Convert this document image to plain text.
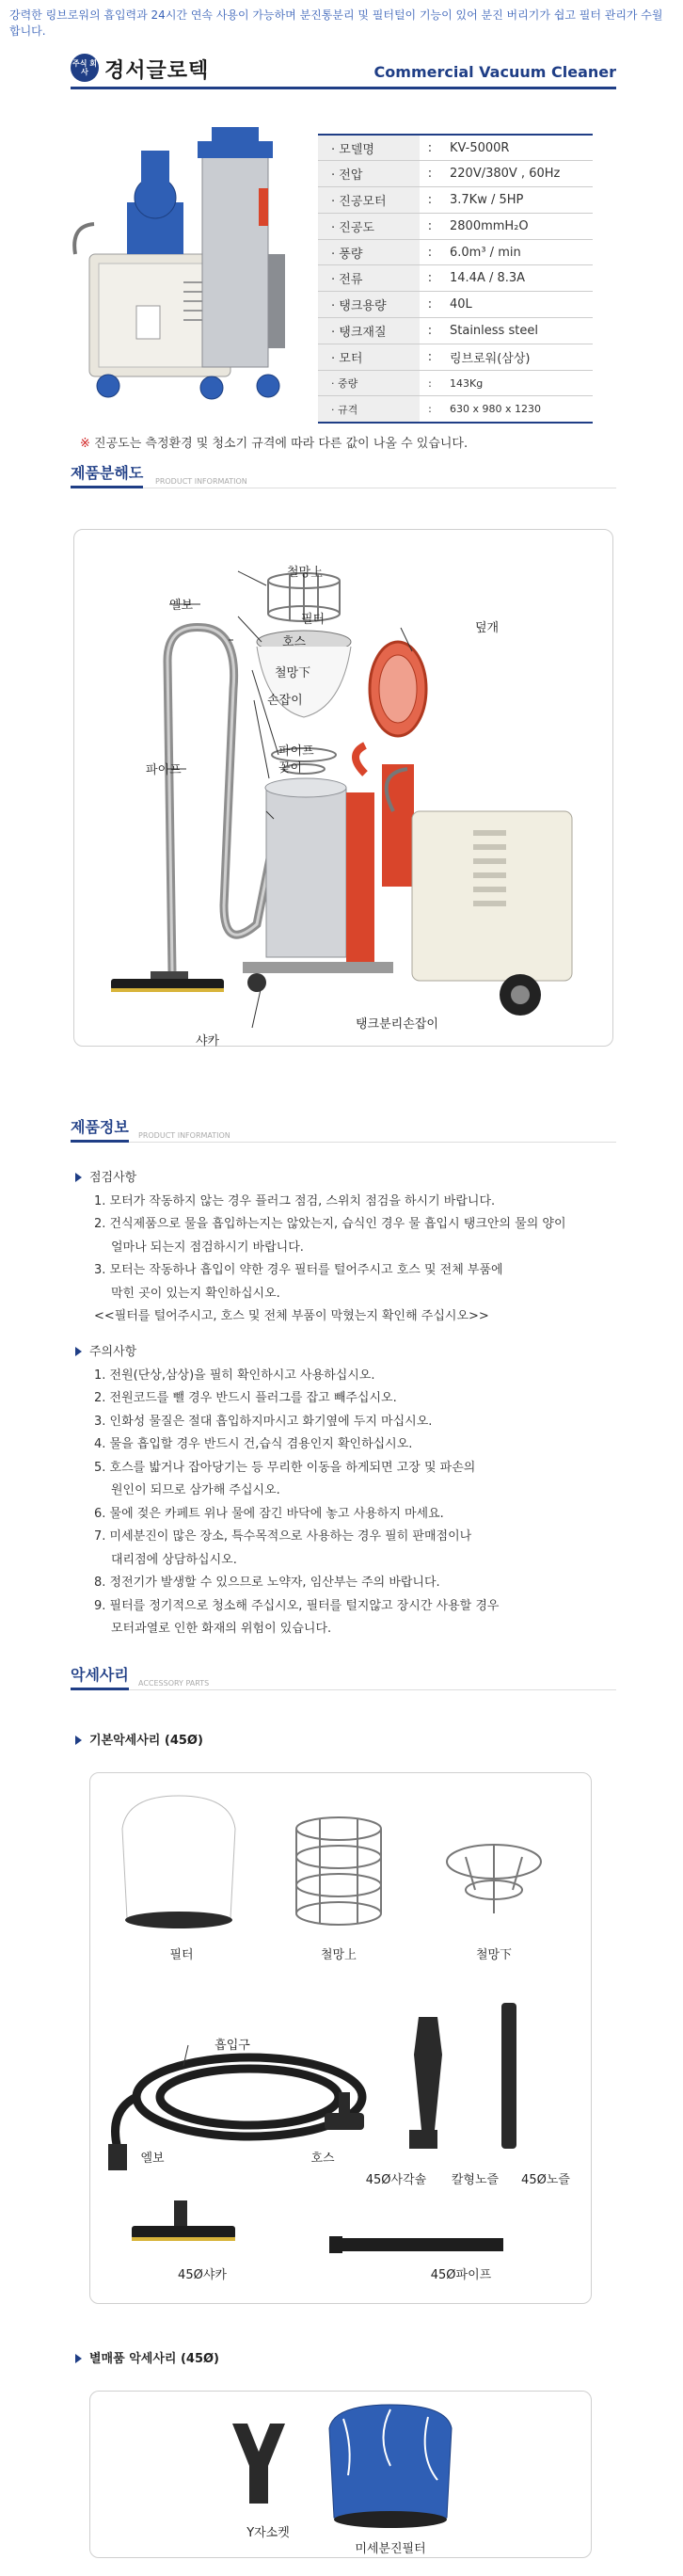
강력한 링브로워의 흡입력과 24시간 연속 사용이 가능하며 분진통분리 및 필터털이 기능이 있어 분진 버리기가 쉽고 필터 관리가 수월합니다.
주식 회사 경서글로텍	Commercial Vacuum Cleaner
· 모델명	:	KV-5000R
· 전압	:	220V/380V , 60Hz
· 진공모터	:	3.7Kw / 5HP
· 진공도	:	2800mmH₂O
· 풍량	:	6.0m³ / min
· 전류	:	14.4A / 8.3A
· 탱크용량	:	40L
· 탱크재질	:	Stainless steel
· 모터	:	링브로워(삼상)
· 중량	:	143Kg
· 규격	:	630 x 980 x 1230
※ 진공도는 측정환경 및 청소기 규격에 따라 다른 값이 나올 수 있습니다.
제품분해도 PRODUCT INFORMATION
철망上
필터
엘보
호스
철망下
손잡이
파이프
파이프
꽂이
덮개
샤카
탱크분리손잡이
제품정보 PRODUCT INFORMATION
점검사항
1. 모터가 작동하지 않는 경우 플러그 점검, 스위치 점검을 하시기 바랍니다.
2. 건식제품으로 물을 흡입하는지는 않았는지, 습식인 경우 물 흡입시 탱크안의 물의 양이
얼마나 되는지 점검하시기 바랍니다.
3. 모터는 작동하나 흡입이 약한 경우 필터를 털어주시고 호스 및 전체 부품에
막힌 곳이 있는지 확인하십시오.
<<필터를 털어주시고, 호스 및 전체 부품이 막혔는지 확인해 주십시오>>
주의사항
1. 전원(단상,삼상)을 필히 확인하시고 사용하십시오.
2. 전원코드를 뺄 경우 반드시 플러그를 잡고 빼주십시오.
3. 인화성 물질은 절대 흡입하지마시고 화기옆에 두지 마십시오.
4. 물을 흡입할 경우 반드시 건,습식 겸용인지 확인하십시오.
5. 호스를 밟거나 잡아당기는 등 무리한 이동을 하게되면 고장 및 파손의
원인이 되므로 삼가해 주십시오.
6. 물에 젖은 카페트 위나 물에 잠긴 바닥에 놓고 사용하지 마세요.
7. 미세분진이 많은 장소, 특수목적으로 사용하는 경우 필히 판매점이나
대리점에 상담하십시오.
8. 정전기가 발생할 수 있으므로 노약자, 임산부는 주의 바랍니다.
9. 필터를 정기적으로 청소해 주십시오, 필터를 털지않고 장시간 사용할 경우
모터과열로 인한 화재의 위험이 있습니다.
악세사리 ACCESSORY PARTS
기본악세사리 (45Ø)
필터	철망上	철망下
흡입구
엘보	호스
45Ø사각솔	칼형노즐	45Ø노즐
45Ø샤카	45Ø파이프
별매품 악세사리 (45Ø)
Y자소켓
미세분진필터
